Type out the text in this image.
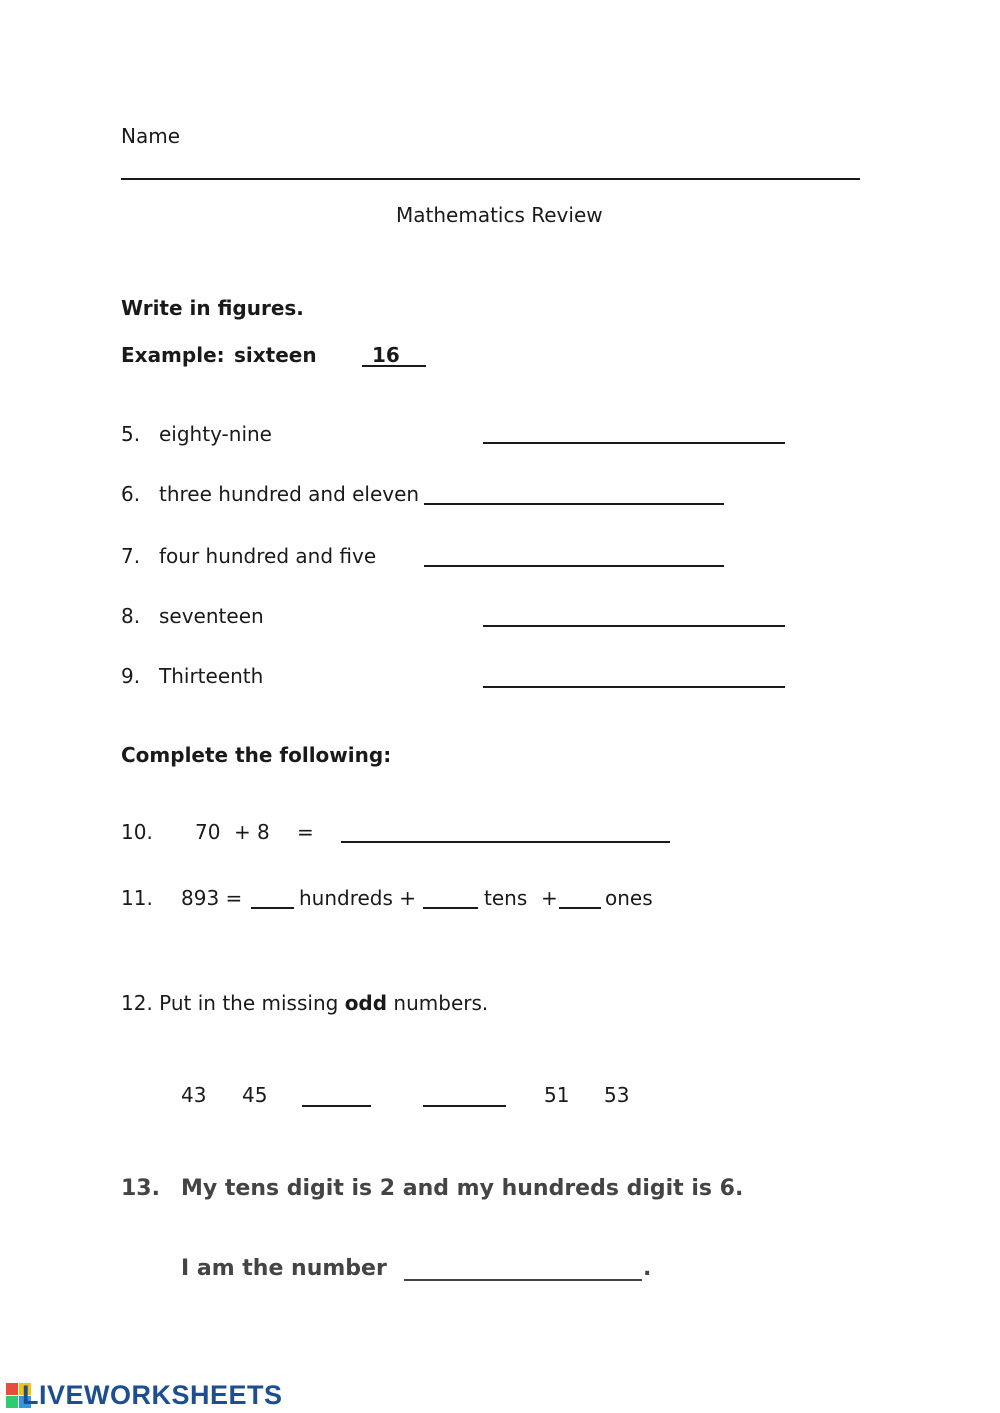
Name
Mathematics Review
Write in figures.
Example: sixteen	16
5. eighty-nine
6. three hundred and eleven
7. four hundred and five
8. seventeen
9. Thirteenth
Complete the following:
10. 70 + 8 =
11. 893 =	hundreds +	tens + ones
12. Put in the missing odd numbers.
43 45	51 53
13. My tens digit is 2 and my hundreds digit is 6.
I am the number	.
LIVEWORKSHEETS
